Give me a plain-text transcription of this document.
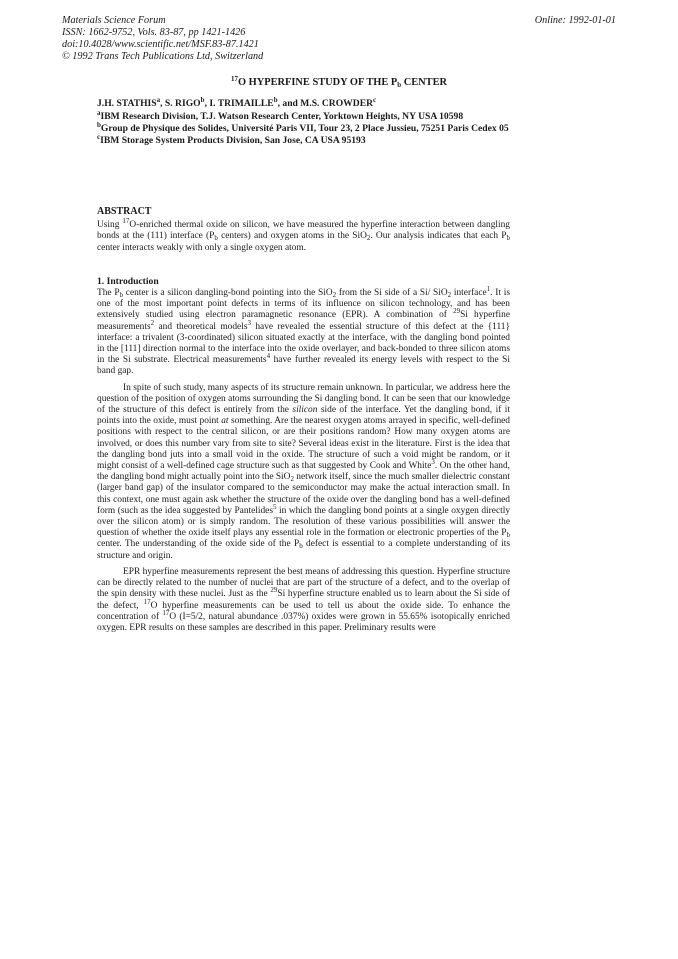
Materials Science Forum
ISSN: 1662-9752, Vols. 83-87, pp 1421-1426
doi:10.4028/www.scientific.net/MSF.83-87.1421
© 1992 Trans Tech Publications Ltd, Switzerland
Online: 1992-01-01
$^{17}$O HYPERFINE STUDY OF THE $P_b$ CENTER

J.H. STATHIS$^a$, S. RIGO$^b$, I. TRIMAILLE$^b$, and M.S. CROWDER$^c$

$^a$IBM Research Division, T.J. Watson Research Center, Yorktown Heights, NY USA 10598

$^b$Group de Physique des Solides, Université Paris VII, Tour 23, 2 Place Jussieu, 75251 Paris Cedex 05

$^c$IBM Storage System Products Division, San Jose, CA USA 95193

ABSTRACT

Using $^{17}$O-enriched thermal oxide on silicon, we have measured the hyperfine interaction between dangling bonds at the (111) interface ($P_b$ centers) and oxygen atoms in the SiO$_2$. Our analysis indicates that each $P_b$ center interacts weakly with only a single oxygen atom.

1. Introduction

The $P_b$ center is a silicon dangling-bond pointing into the SiO$_2$ from the Si side of a Si/ SiO$_2$ interface$^1$. It is one of the most important point defects in terms of its influence on silicon technology, and has been extensively studied using electron paramagnetic resonance (EPR). A combination of $^{29}$Si hyperfine measurements$^2$ and theoretical models$^3$ have revealed the essential structure of this defect at the {111} interface: a trivalent (3-coordinated) silicon situated exactly at the interface, with the dangling bond pointed in the [111] direction normal to the interface into the oxide overlayer, and back-bonded to three silicon atoms in the Si substrate. Electrical measurements$^4$ have further revealed its energy levels with respect to the Si band gap.

In spite of such study, many aspects of its structure remain unknown. In particular, we address here the question of the position of oxygen atoms surrounding the Si dangling bond. It can be seen that our knowledge of the structure of this defect is entirely from the silicon side of the interface. Yet the dangling bond, if it points into the oxide, must point at something. Are the nearest oxygen atoms arrayed in specific, well-defined positions with respect to the central silicon, or are their positions random? How many oxygen atoms are involved, or does this number vary from site to site? Several ideas exist in the literature. First is the idea that the dangling bond juts into a small void in the oxide. The structure of such a void might be random, or it might consist of a well-defined cage structure such as that suggested by Cook and White$^3$. On the other hand, the dangling bond might actually point into the SiO$_2$ network itself, since the much smaller dielectric constant (larger band gap) of the insulator compared to the semiconductor may make the actual interaction small. In this context, one must again ask whether the structure of the oxide over the dangling bond has a well-defined form (such as the idea suggested by Pantelides$^5$ in which the dangling bond points at a single oxygen directly over the silicon atom) or is simply random. The resolution of these various possibilities will answer the question of whether the oxide itself plays any essential role in the formation or electronic properties of the $P_b$ center. The understanding of the oxide side of the $P_b$ defect is essential to a complete understanding of its structure and origin.

EPR hyperfine measurements represent the best means of addressing this question. Hyperfine structure can be directly related to the number of nuclei that are part of the structure of a defect, and to the overlap of the spin density with these nuclei. Just as the $^{29}$Si hyperfine structure enabled us to learn about the Si side of the defect, $^{17}$O hyperfine measurements can be used to tell us about the oxide side. To enhance the concentration of $^{17}$O (I=5/2, natural abundance .037%) oxides were grown in 55.65% isotopically enriched oxygen. EPR results on these samples are described in this paper. Preliminary results were
